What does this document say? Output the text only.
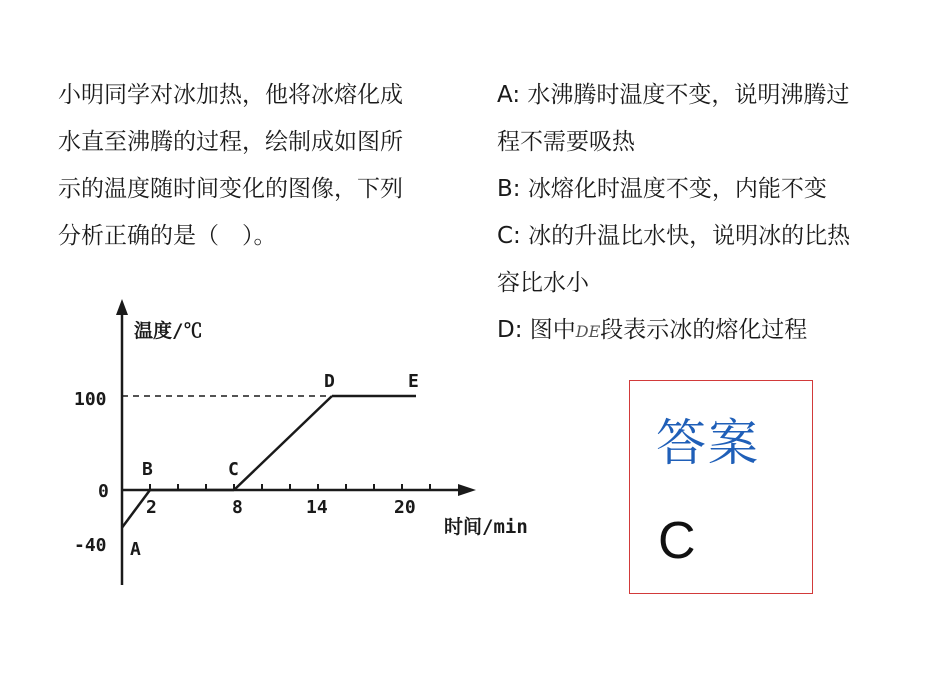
小明同学对冰加热，他将冰熔化成
水直至沸腾的过程，绘制成如图所
示的温度随时间变化的图像，下列
分析正确的是（　）。
A: 水沸腾时温度不变，说明沸腾过
程不需要吸热
B: 冰熔化时温度不变，内能不变
C: 冰的升温比水快，说明冰的比热
容比水小
D: 图中DE段表示冰的熔化过程
温度/℃
时间/min
100
0
-40
2	8	14	20
A
B	C
D	E
答案
C
